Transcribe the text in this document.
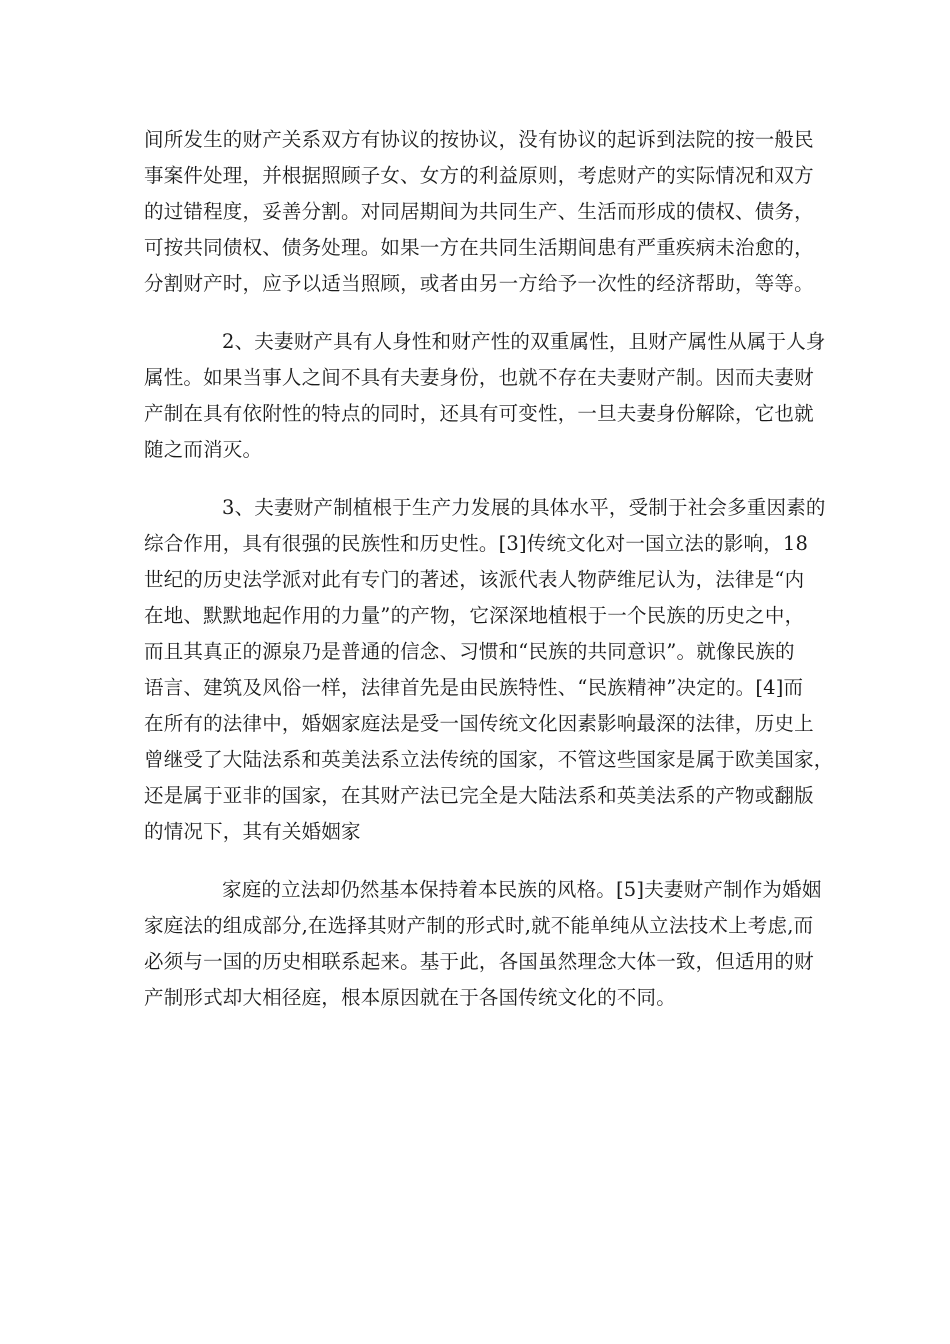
间所发生的财产关系双方有协议的按协议，没有协议的起诉到法院的按一般民
事案件处理，并根据照顾子女、女方的利益原则，考虑财产的实际情况和双方
的过错程度，妥善分割。对同居期间为共同生产、生活而形成的债权、债务，
可按共同债权、债务处理。如果一方在共同生活期间患有严重疾病未治愈的，
分割财产时，应予以适当照顾，或者由另一方给予一次性的经济帮助，等等。

2、夫妻财产具有人身性和财产性的双重属性，且财产属性从属于人身
属性。如果当事人之间不具有夫妻身份，也就不存在夫妻财产制。因而夫妻财
产制在具有依附性的特点的同时，还具有可变性，一旦夫妻身份解除，它也就
随之而消灭。

3、夫妻财产制植根于生产力发展的具体水平，受制于社会多重因素的
综合作用，具有很强的民族性和历史性。[3]传统文化对一国立法的影响，18
世纪的历史法学派对此有专门的著述，该派代表人物萨维尼认为，法律是“内
在地、默默地起作用的力量”的产物，它深深地植根于一个民族的历史之中，
而且其真正的源泉乃是普通的信念、习惯和“民族的共同意识”。就像民族的
语言、建筑及风俗一样，法律首先是由民族特性、“民族精神”决定的。[4]而
在所有的法律中，婚姻家庭法是受一国传统文化因素影响最深的法律，历史上
曾继受了大陆法系和英美法系立法传统的国家，不管这些国家是属于欧美国家，
还是属于亚非的国家，在其财产法已完全是大陆法系和英美法系的产物或翻版
的情况下，其有关婚姻家

家庭的立法却仍然基本保持着本民族的风格。[5]夫妻财产制作为婚姻
家庭法的组成部分,在选择其财产制的形式时,就不能单纯从立法技术上考虑,而
必须与一国的历史相联系起来。基于此，各国虽然理念大体一致，但适用的财
产制形式却大相径庭，根本原因就在于各国传统文化的不同。
